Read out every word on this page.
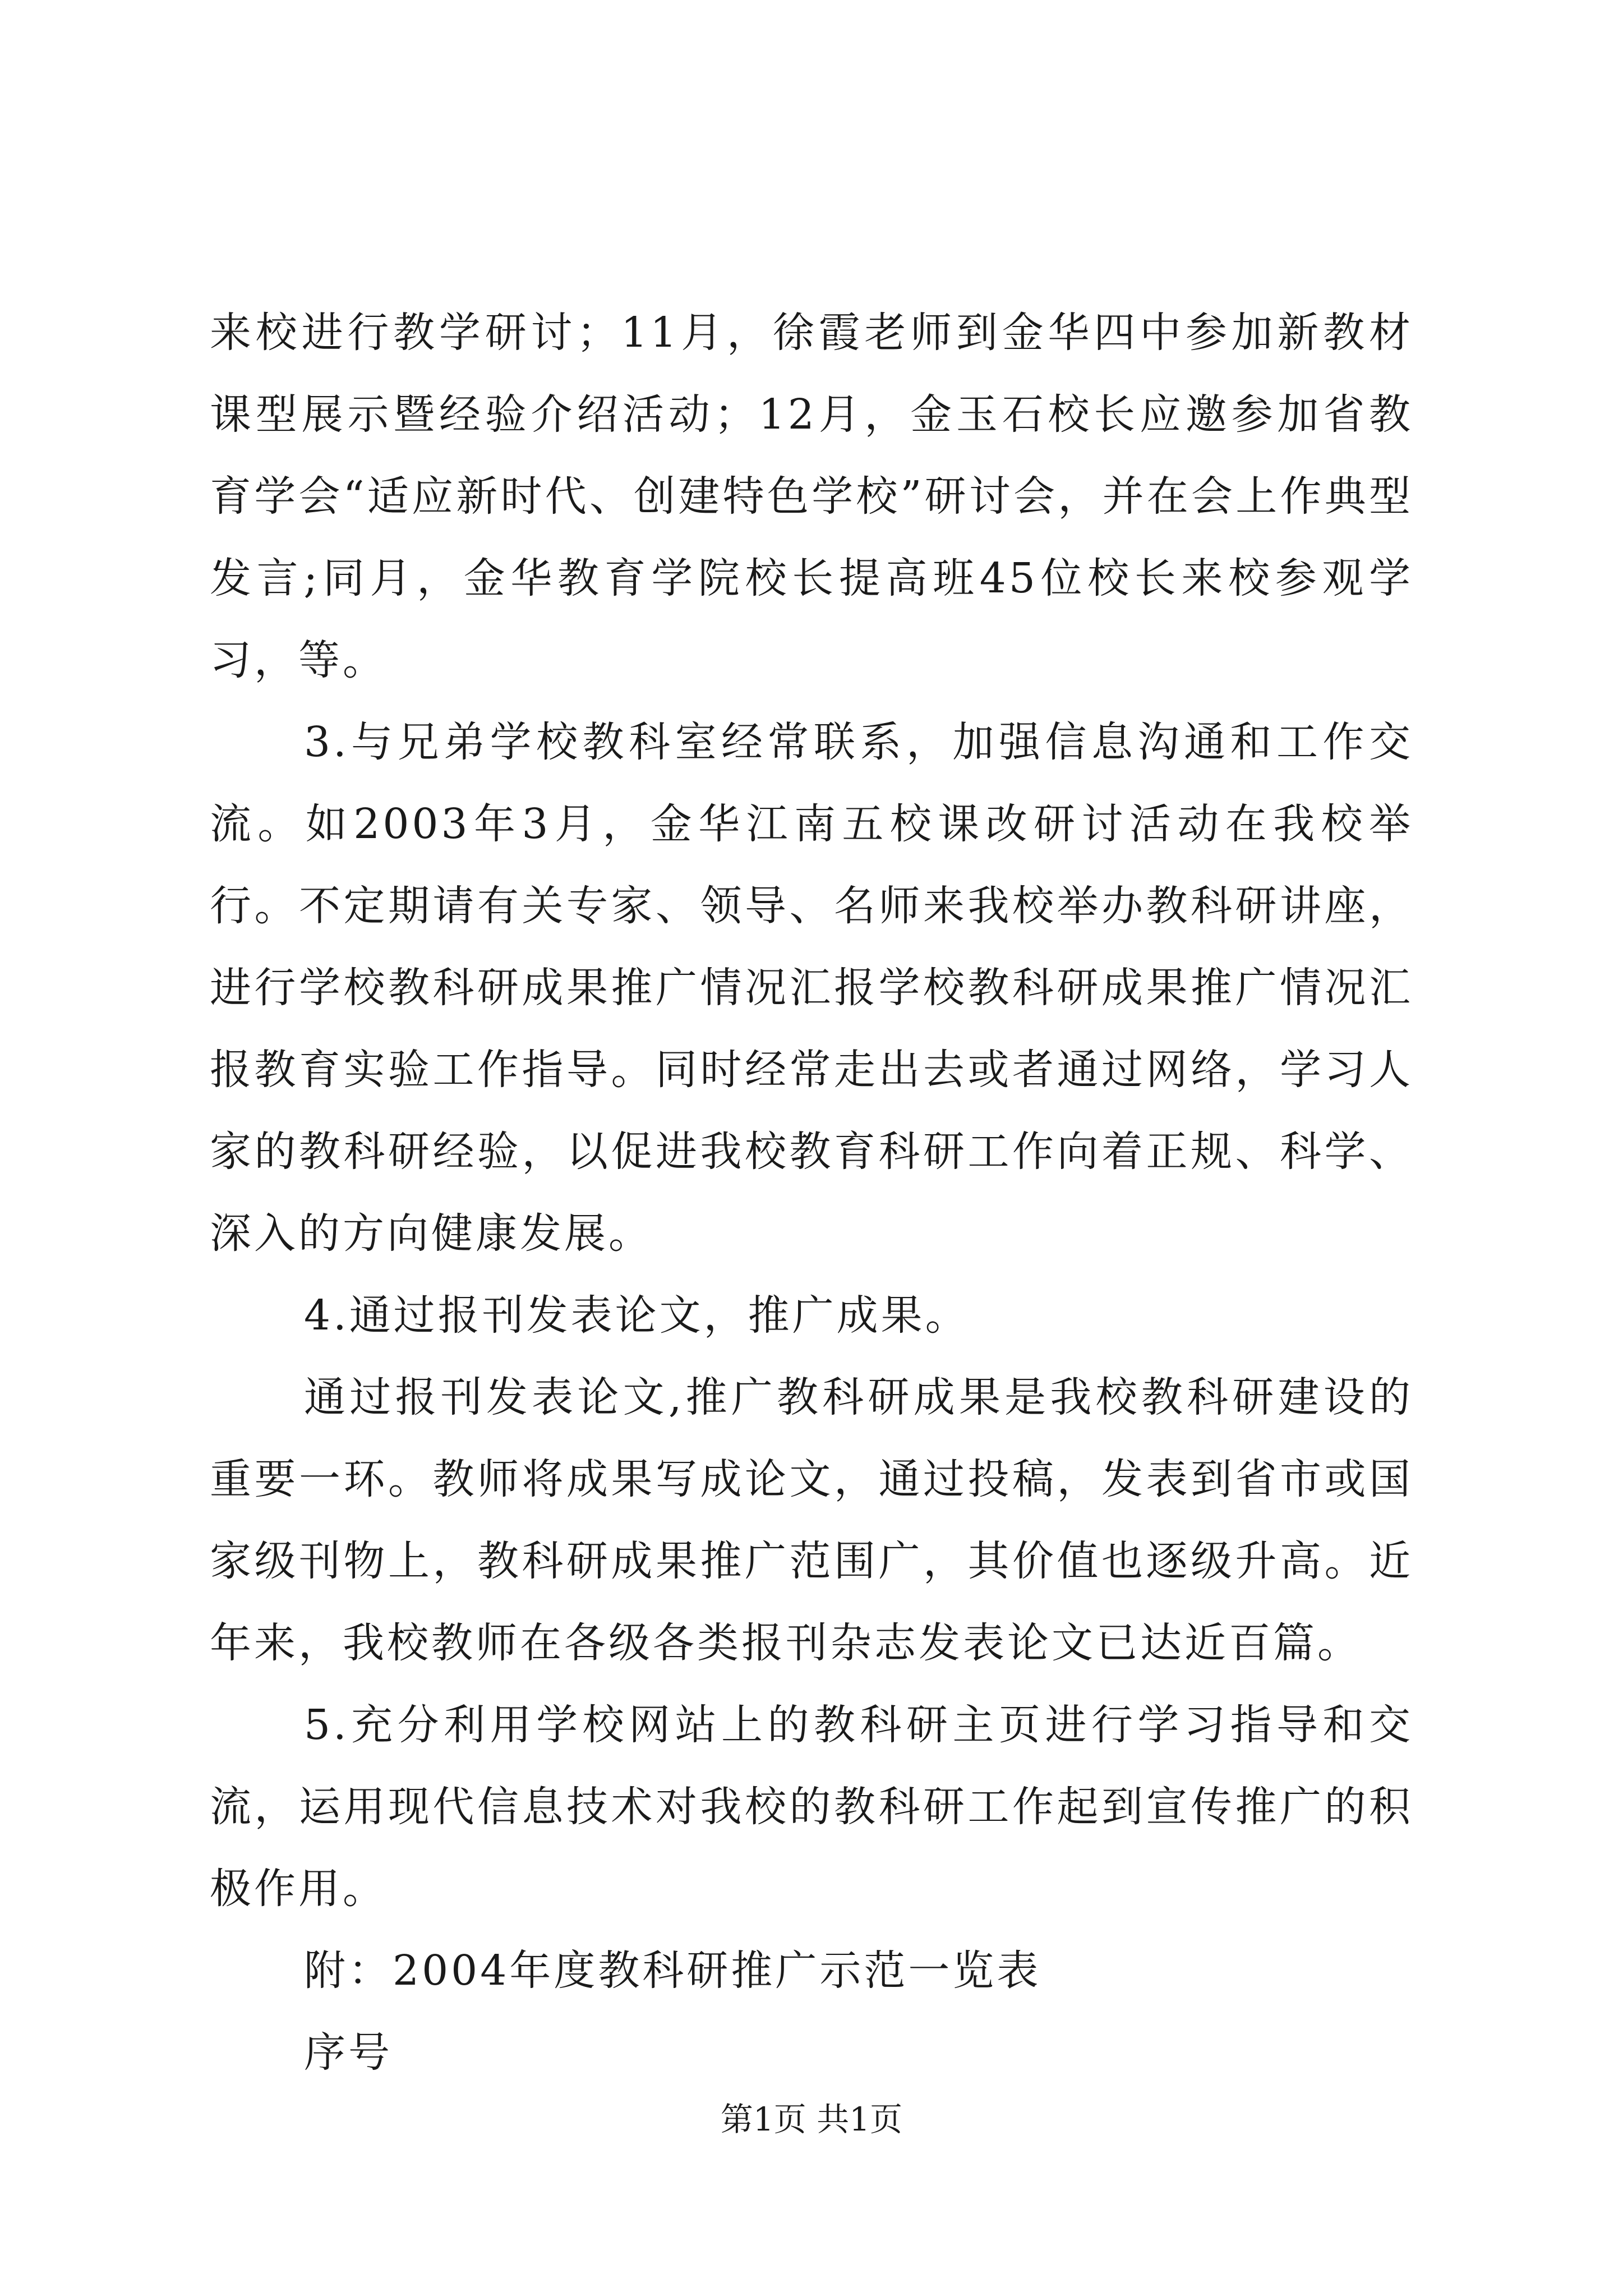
来校进行教学研讨；11月，徐霞老师到金华四中参加新教材课型展示暨经验介绍活动；12月，金玉石校长应邀参加省教育学会“适应新时代、创建特色学校”研讨会，并在会上作典型发言;同月，金华教育学院校长提高班45位校长来校参观学习，等。

3.与兄弟学校教科室经常联系，加强信息沟通和工作交流。如2003年3月，金华江南五校课改研讨活动在我校举行。不定期请有关专家、领导、名师来我校举办教科研讲座，进行学校教科研成果推广情况汇报学校教科研成果推广情况汇报教育实验工作指导。同时经常走出去或者通过网络，学习人家的教科研经验，以促进我校教育科研工作向着正规、科学、深入的方向健康发展。

4.通过报刊发表论文，推广成果。

通过报刊发表论文,推广教科研成果是我校教科研建设的重要一环。教师将成果写成论文，通过投稿，发表到省市或国家级刊物上，教科研成果推广范围广，其价值也逐级升高。近年来，我校教师在各级各类报刊杂志发表论文已达近百篇。

5.充分利用学校网站上的教科研主页进行学习指导和交流，运用现代信息技术对我校的教科研工作起到宣传推广的积极作用。

附：2004年度教科研推广示范一览表

序号

第1页 共1页
